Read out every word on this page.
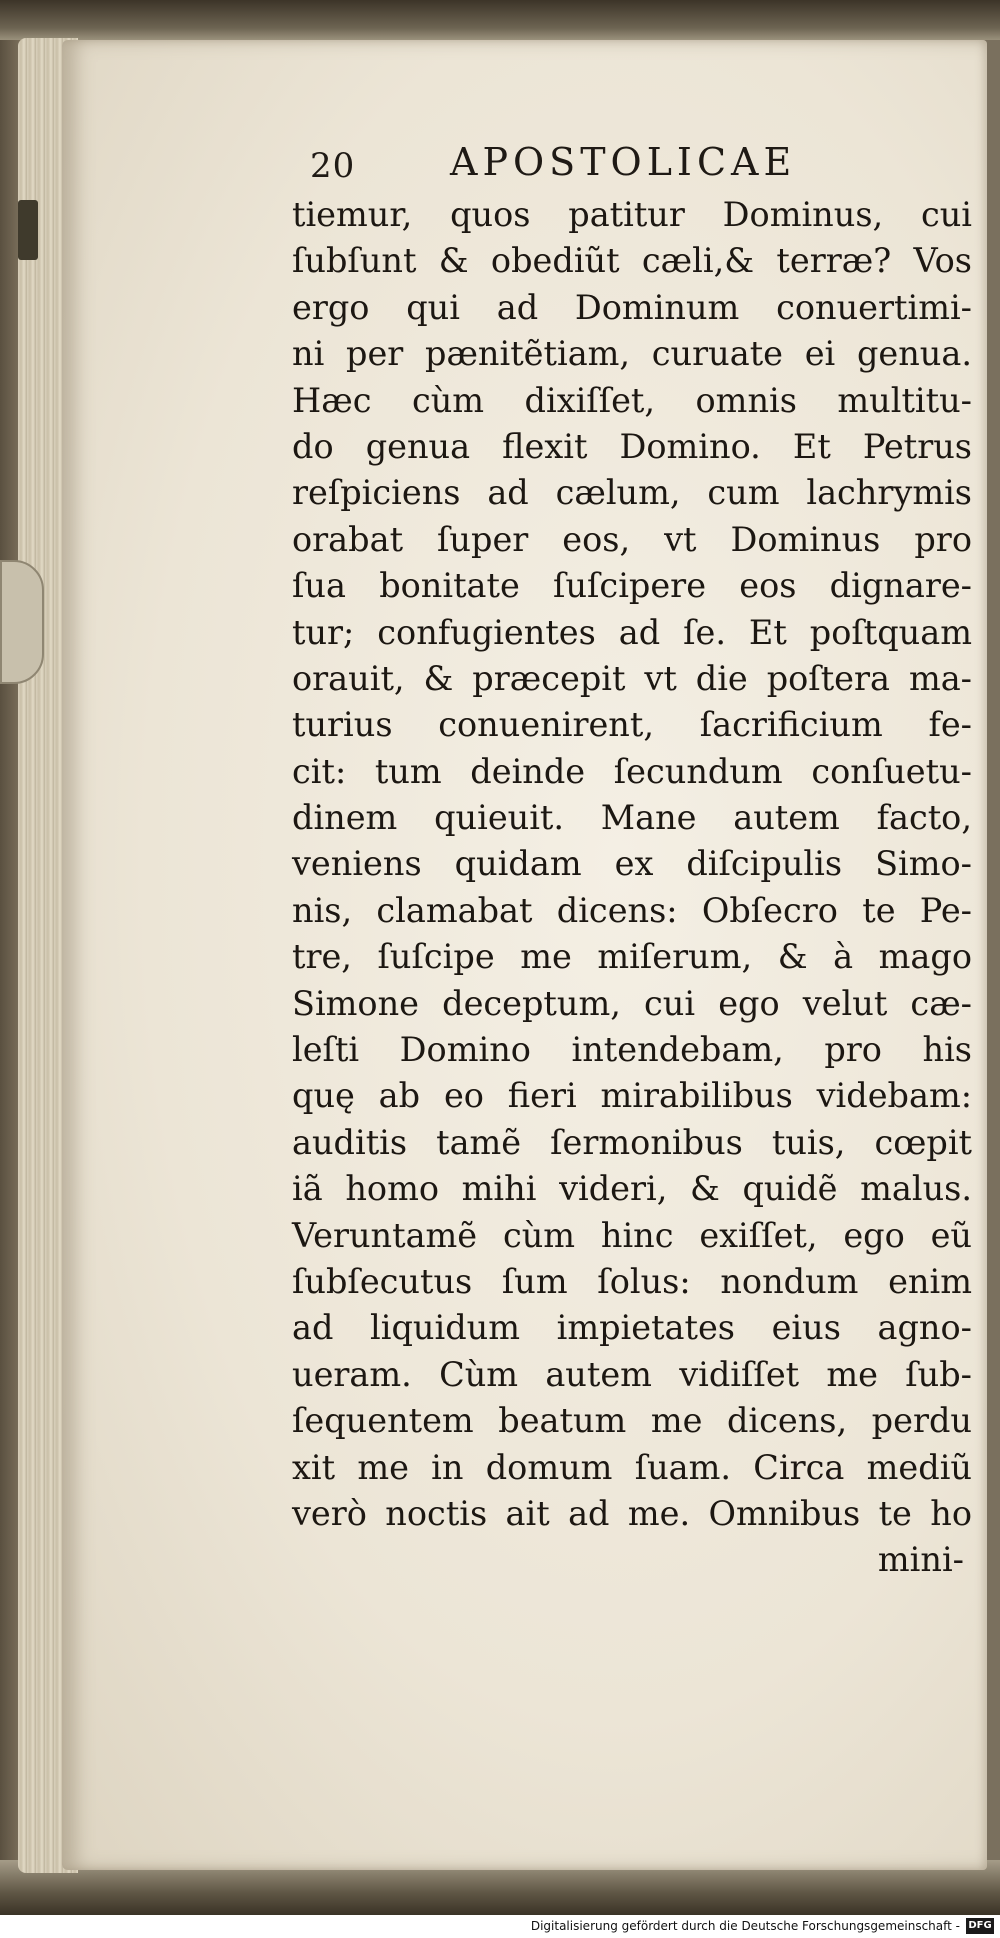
20 APOSTOLICAE
tiemur, quos patitur Dominus, cui
ſubſunt & obediũt cæli,& terræ? Vos
ergo qui ad Dominum conuertimi-
ni per pænitẽtiam, curuate ei genua.
Hæc cùm dixiſſet, omnis multitu-
do genua flexit Domino. Et Petrus
reſpiciens ad cælum, cum lachrymis
orabat ſuper eos, vt Dominus pro
ſua bonitate ſuſcipere eos dignare-
tur; confugientes ad ſe. Et poſtquam
orauit, & præcepit vt die poſtera ma-
turius conuenirent, ſacrificium fe-
cit: tum deinde ſecundum conſuetu-
dinem quieuit. Mane autem facto,
veniens quidam ex diſcipulis Simo-
nis, clamabat dicens: Obſecro te Pe-
tre, ſuſcipe me miſerum, & à mago
Simone deceptum, cui ego velut cæ-
leſti Domino intendebam, pro his
quę ab eo fieri mirabilibus videbam:
auditis tamẽ ſermonibus tuis, cœpit
iã homo mihi videri, & quidẽ malus.
Veruntamẽ cùm hinc exiſſet, ego eũ
ſubſecutus ſum ſolus: nondum enim
ad liquidum impietates eius agno-
ueram. Cùm autem vidiſſet me ſub-
ſequentem beatum me dicens, perdu
xit me in domum ſuam. Circa mediũ
verò noctis ait ad me. Omnibus te ho
mini-
Digitalisierung gefördert durch die Deutsche Forschungsgemeinschaft - DFG
